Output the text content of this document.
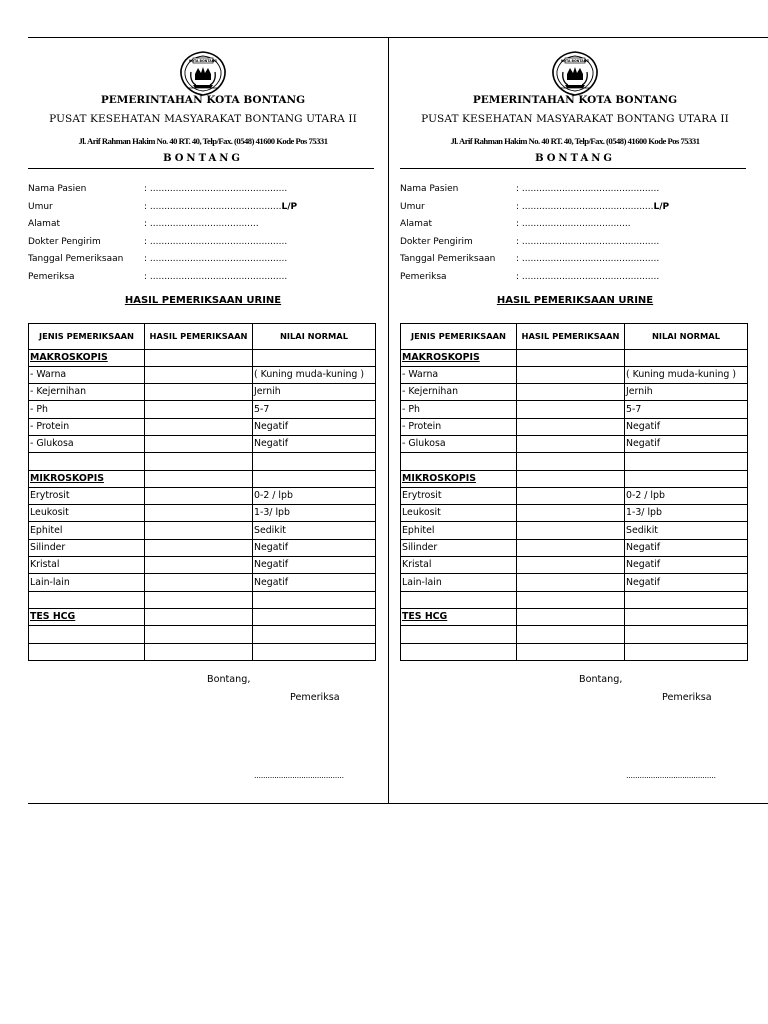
KOTA BONTANG
PEMERINTAHAN KOTA BONTANG
PUSAT KESEHATAN MASYARAKAT BONTANG UTARA II
Jl. Arif Rahman Hakim No. 40 RT. 40, Telp/Fax. (0548) 41600 Kode Pos 75331
BONTANG
Nama Pasien	: ................................................
Umur	: ..............................................L/P
Alamat	: ......................................
Dokter Pengirim	: ................................................
Tanggal Pemeriksaan : ................................................
Pemeriksa	: ................................................
HASIL PEMERIKSAAN URINE
JENIS PEMERIKSAAN	HASIL PEMERIKSAAN	NILAI NORMAL
MAKROSKOPIS		
- Warna		( Kuning muda-kuning )
- Kejernihan		Jernih
- Ph		5-7
- Protein		Negatif
- Glukosa		Negatif

MIKROSKOPIS		
Erytrosit		0-2 / lpb
Leukosit		1-3/ lpb
Ephitel		Sedikit
Silinder		Negatif
Kristal		Negatif
Lain-lain		Negatif

TES HCG		

Bontang,
Pemeriksa
........................................
KOTA BONTANG
PEMERINTAHAN KOTA BONTANG
PUSAT KESEHATAN MASYARAKAT BONTANG UTARA II
Jl. Arif Rahman Hakim No. 40 RT. 40, Telp/Fax. (0548) 41600 Kode Pos 75331
BONTANG
Nama Pasien	: ................................................
Umur	: ..............................................L/P
Alamat	: ......................................
Dokter Pengirim	: ................................................
Tanggal Pemeriksaan : ................................................
Pemeriksa	: ................................................
HASIL PEMERIKSAAN URINE
JENIS PEMERIKSAAN	HASIL PEMERIKSAAN	NILAI NORMAL
MAKROSKOPIS		
- Warna		( Kuning muda-kuning )
- Kejernihan		Jernih
- Ph		5-7
- Protein		Negatif
- Glukosa		Negatif

MIKROSKOPIS		
Erytrosit		0-2 / lpb
Leukosit		1-3/ lpb
Ephitel		Sedikit
Silinder		Negatif
Kristal		Negatif
Lain-lain		Negatif

TES HCG		

Bontang,
Pemeriksa
........................................
